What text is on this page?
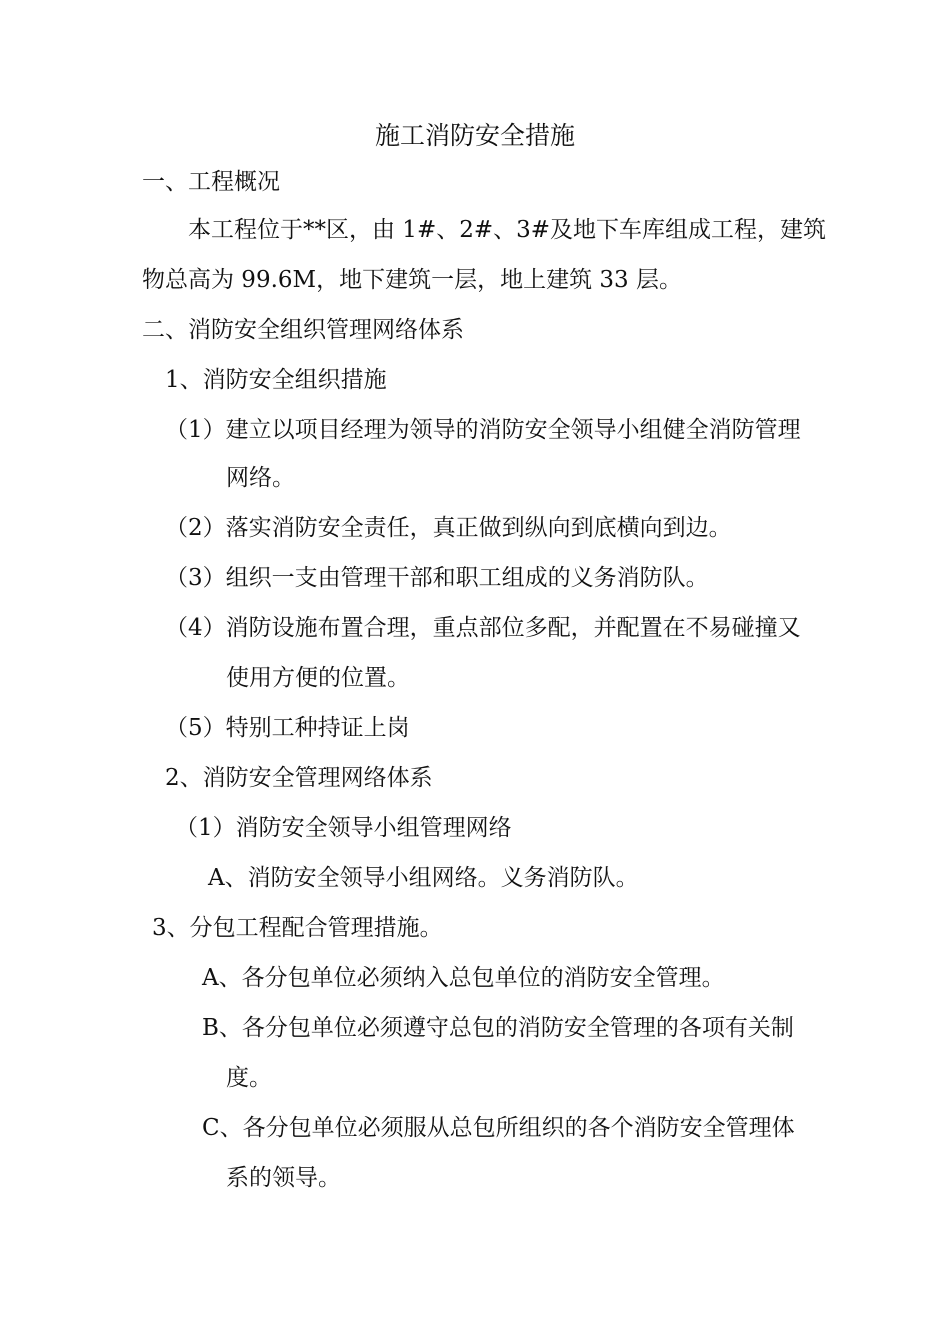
施工消防安全措施

一、工程概况

本工程位于**区，由 1#、2#、3#及地下车库组成工程，建筑

物总高为 99.6M，地下建筑一层，地上建筑 33 层。

二、消防安全组织管理网络体系

1、消防安全组织措施

（1）建立以项目经理为领导的消防安全领导小组健全消防管理

网络。

（2）落实消防安全责任，真正做到纵向到底横向到边。

（3）组织一支由管理干部和职工组成的义务消防队。

（4）消防设施布置合理，重点部位多配，并配置在不易碰撞又

使用方便的位置。

（5）特别工种持证上岗

2、消防安全管理网络体系

（1）消防安全领导小组管理网络

A、消防安全领导小组网络。义务消防队。

3、分包工程配合管理措施。

A、各分包单位必须纳入总包单位的消防安全管理。

B、各分包单位必须遵守总包的消防安全管理的各项有关制

度。

C、各分包单位必须服从总包所组织的各个消防安全管理体

系的领导。
